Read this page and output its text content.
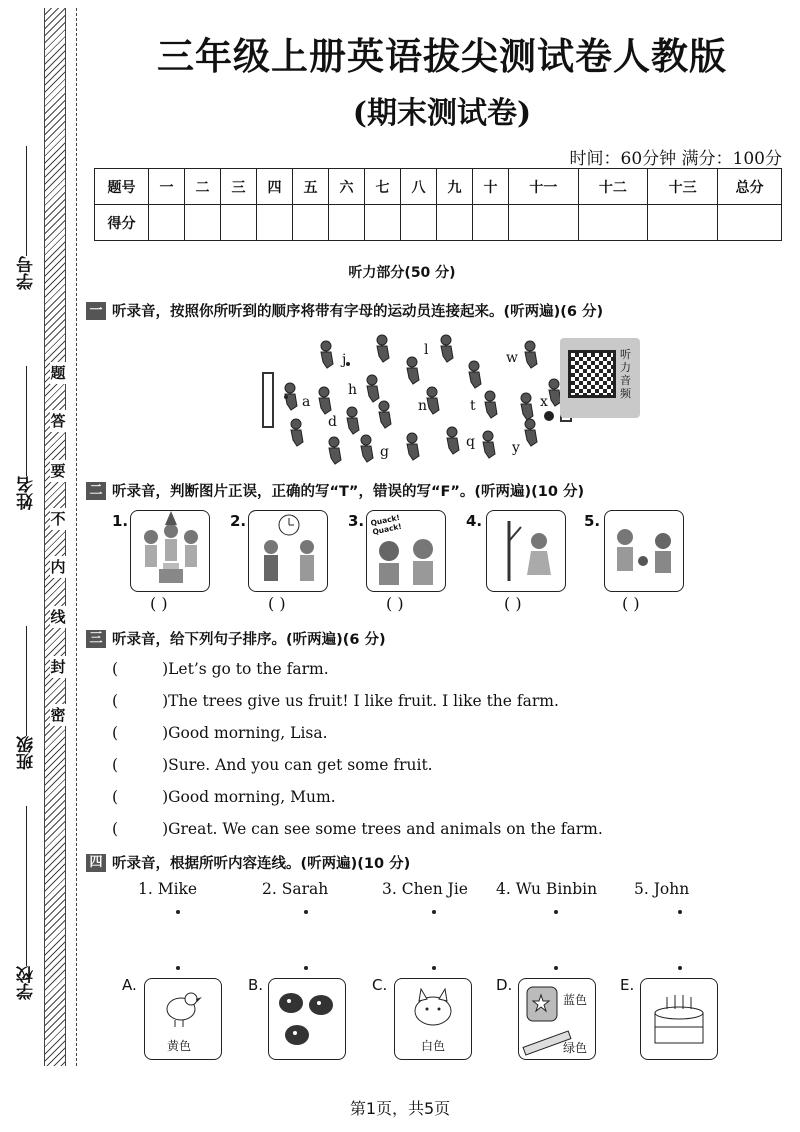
学号
姓名
班级
学校
题
答
要
不
内
线
封
密
三年级上册英语拔尖测试卷人教版
(期末测试卷)
时间：60分钟 满分：100分
题号	一	二	三	四	五	六	七	八	九	十	十一	十二	十三	总分
得分														
听力部分(50 分)
一 听录音，按照你所听到的顺序将带有字母的运动员连接起来。(听两遍)(6 分)
j
l	w
h
a	n	t	x
d
g
q	y
听力音频
二 听录音，判断图片正误，正确的写“T”，错误的写“F”。(听两遍)(10 分)
1.
( )
2.
( )
3. Quack! Quack!
( )
4.
( )
5.
( )
三 听录音，给下列句子排序。(听两遍)(6 分)
(	)Let’s go to the farm.
(	)The trees give us fruit! I like fruit. I like the farm.
(	)Good morning, Lisa.
(	)Sure. And you can get some fruit.
(	)Good morning, Mum.
(	)Great. We can see some trees and animals on the farm.
四 听录音，根据所听内容连线。(听两遍)(10 分)
1. Mike	2. Sarah	3. Chen Jie 4. Wu Binbin 5. John
A.
黄色
B.	C.
白色
D.
蓝色
绿色
E.
第1页，共5页
